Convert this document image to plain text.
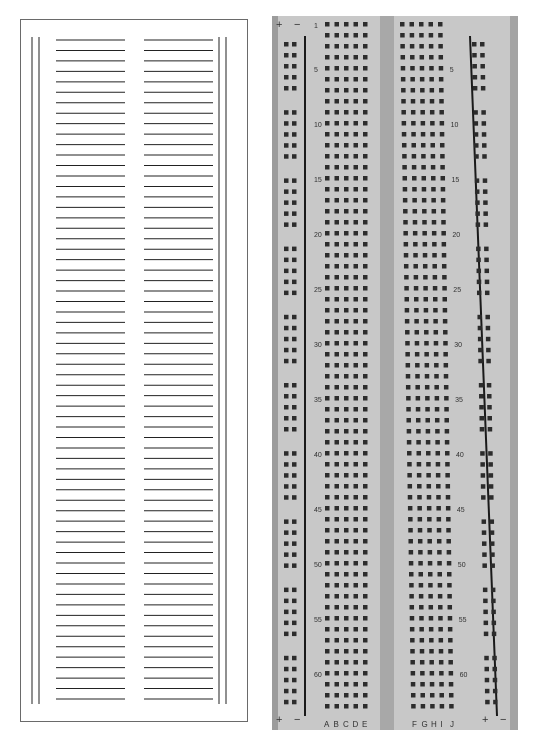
1
5
10
15
20
25
30
35
40
45
50
55
60
5
10
15
20
25
30
35
40
45
50
55
60
+ −
+ −	+ −
A B C D E	F G H I J
